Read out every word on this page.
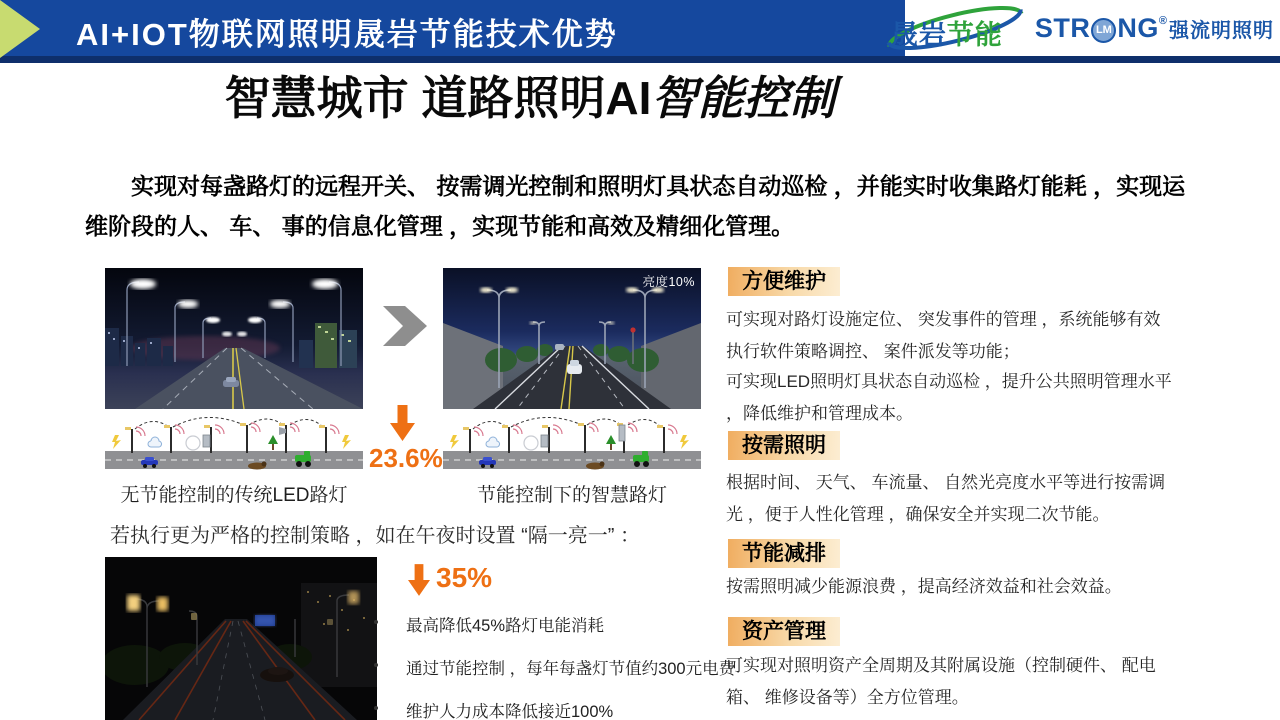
AI+IOT物联网照明晟岩节能技术优势	晟岩节能 STR LM NG ® 强流明照明
智慧城市 道路照明AI智能控制
实现对每盏路灯的远程开关、 按需调光控制和照明灯具状态自动巡检 ，并能实时收集路灯能耗 ，实现运维阶段的人、 车、 事的信息化管理 ，实现节能和高效及精细化管理。
无节能控制的传统LED路灯
亮度10%
节能控制下的智慧路灯
23.6%
若执行更为严格的控制策略 ，如在午夜时设置 “隔一亮一” ：
35%
最高降低45%路灯电能消耗
通过节能控制 ，每年每盏灯节值约300元电费
维护人力成本降低接近100%
方便维护
可实现对路灯设施定位、 突发事件的管理 ，系统能够有效执行软件策略调控、 案件派发等功能；
可实现LED照明灯具状态自动巡检 ，提升公共照明管理水平 ，降低维护和管理成本。
按需照明
根据时间、 天气、 车流量、 自然光亮度水平等进行按需调光 ，便于人性化管理 ，确保安全并实现二次节能。
节能减排
按需照明减少能源浪费 ，提高经济效益和社会效益。
资产管理
可实现对照明资产全周期及其附属设施（控制硬件、 配电箱、 维修设备等）全方位管理。
